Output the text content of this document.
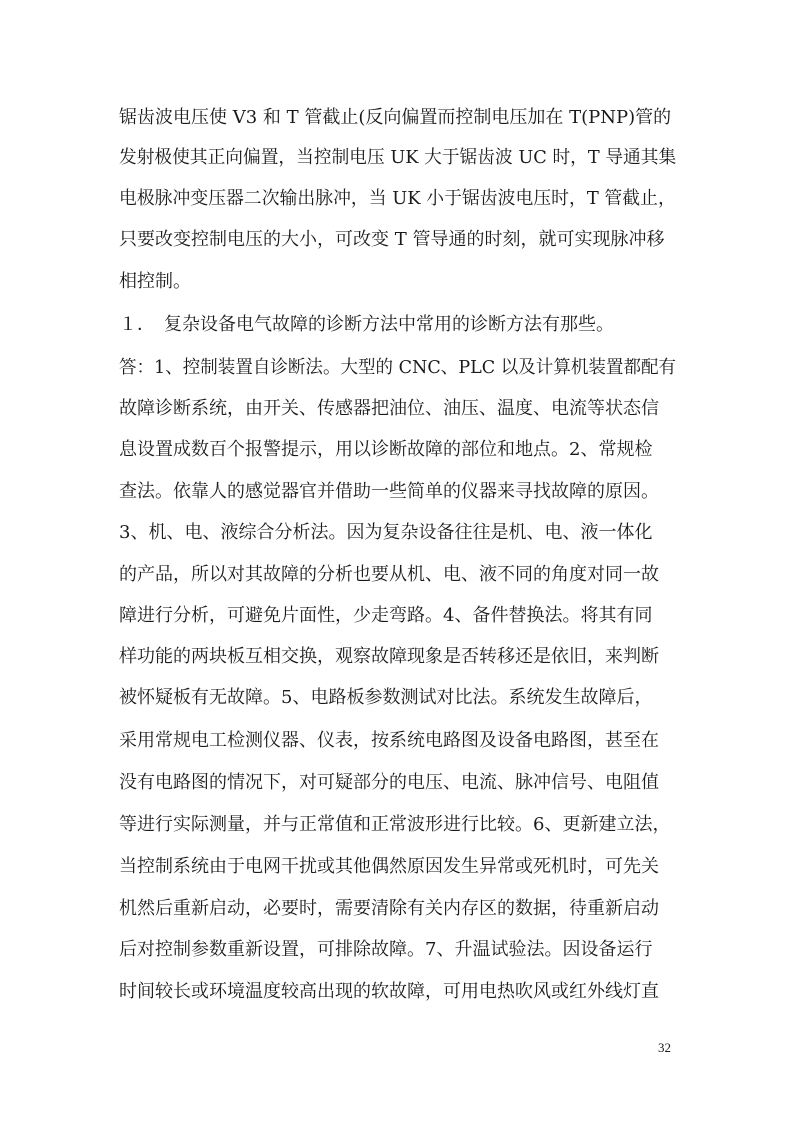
锯齿波电压使 V3 和 T 管截止(反向偏置而控制电压加在 T(PNP)管的
发射极使其正向偏置，当控制电压 UK 大于锯齿波 UC 时，T 导通其集
电极脉冲变压器二次输出脉冲，当 UK 小于锯齿波电压时，T 管截止，
只要改变控制电压的大小，可改变 T 管导通的时刻，就可实现脉冲移
相控制。
１．　复杂设备电气故障的诊断方法中常用的诊断方法有那些。
答：1、控制装置自诊断法。大型的 CNC、PLC 以及计算机装置都配有
故障诊断系统，由开关、传感器把油位、油压、温度、电流等状态信
息设置成数百个报警提示，用以诊断故障的部位和地点。2、常规检
查法。依靠人的感觉器官并借助一些简单的仪器来寻找故障的原因。
3、机、电、液综合分析法。因为复杂设备往往是机、电、液一体化
的产品，所以对其故障的分析也要从机、电、液不同的角度对同一故
障进行分析，可避免片面性，少走弯路。4、备件替换法。将其有同
样功能的两块板互相交换，观察故障现象是否转移还是依旧，来判断
被怀疑板有无故障。5、电路板参数测试对比法。系统发生故障后，
采用常规电工检测仪器、仪表，按系统电路图及设备电路图，甚至在
没有电路图的情况下，对可疑部分的电压、电流、脉冲信号、电阻值
等进行实际测量，并与正常值和正常波形进行比较。6、更新建立法，
当控制系统由于电网干扰或其他偶然原因发生异常或死机时，可先关
机然后重新启动，必要时，需要清除有关内存区的数据，待重新启动
后对控制参数重新设置，可排除故障。7、升温试验法。因设备运行
时间较长或环境温度较高出现的软故障，可用电热吹风或红外线灯直
32
